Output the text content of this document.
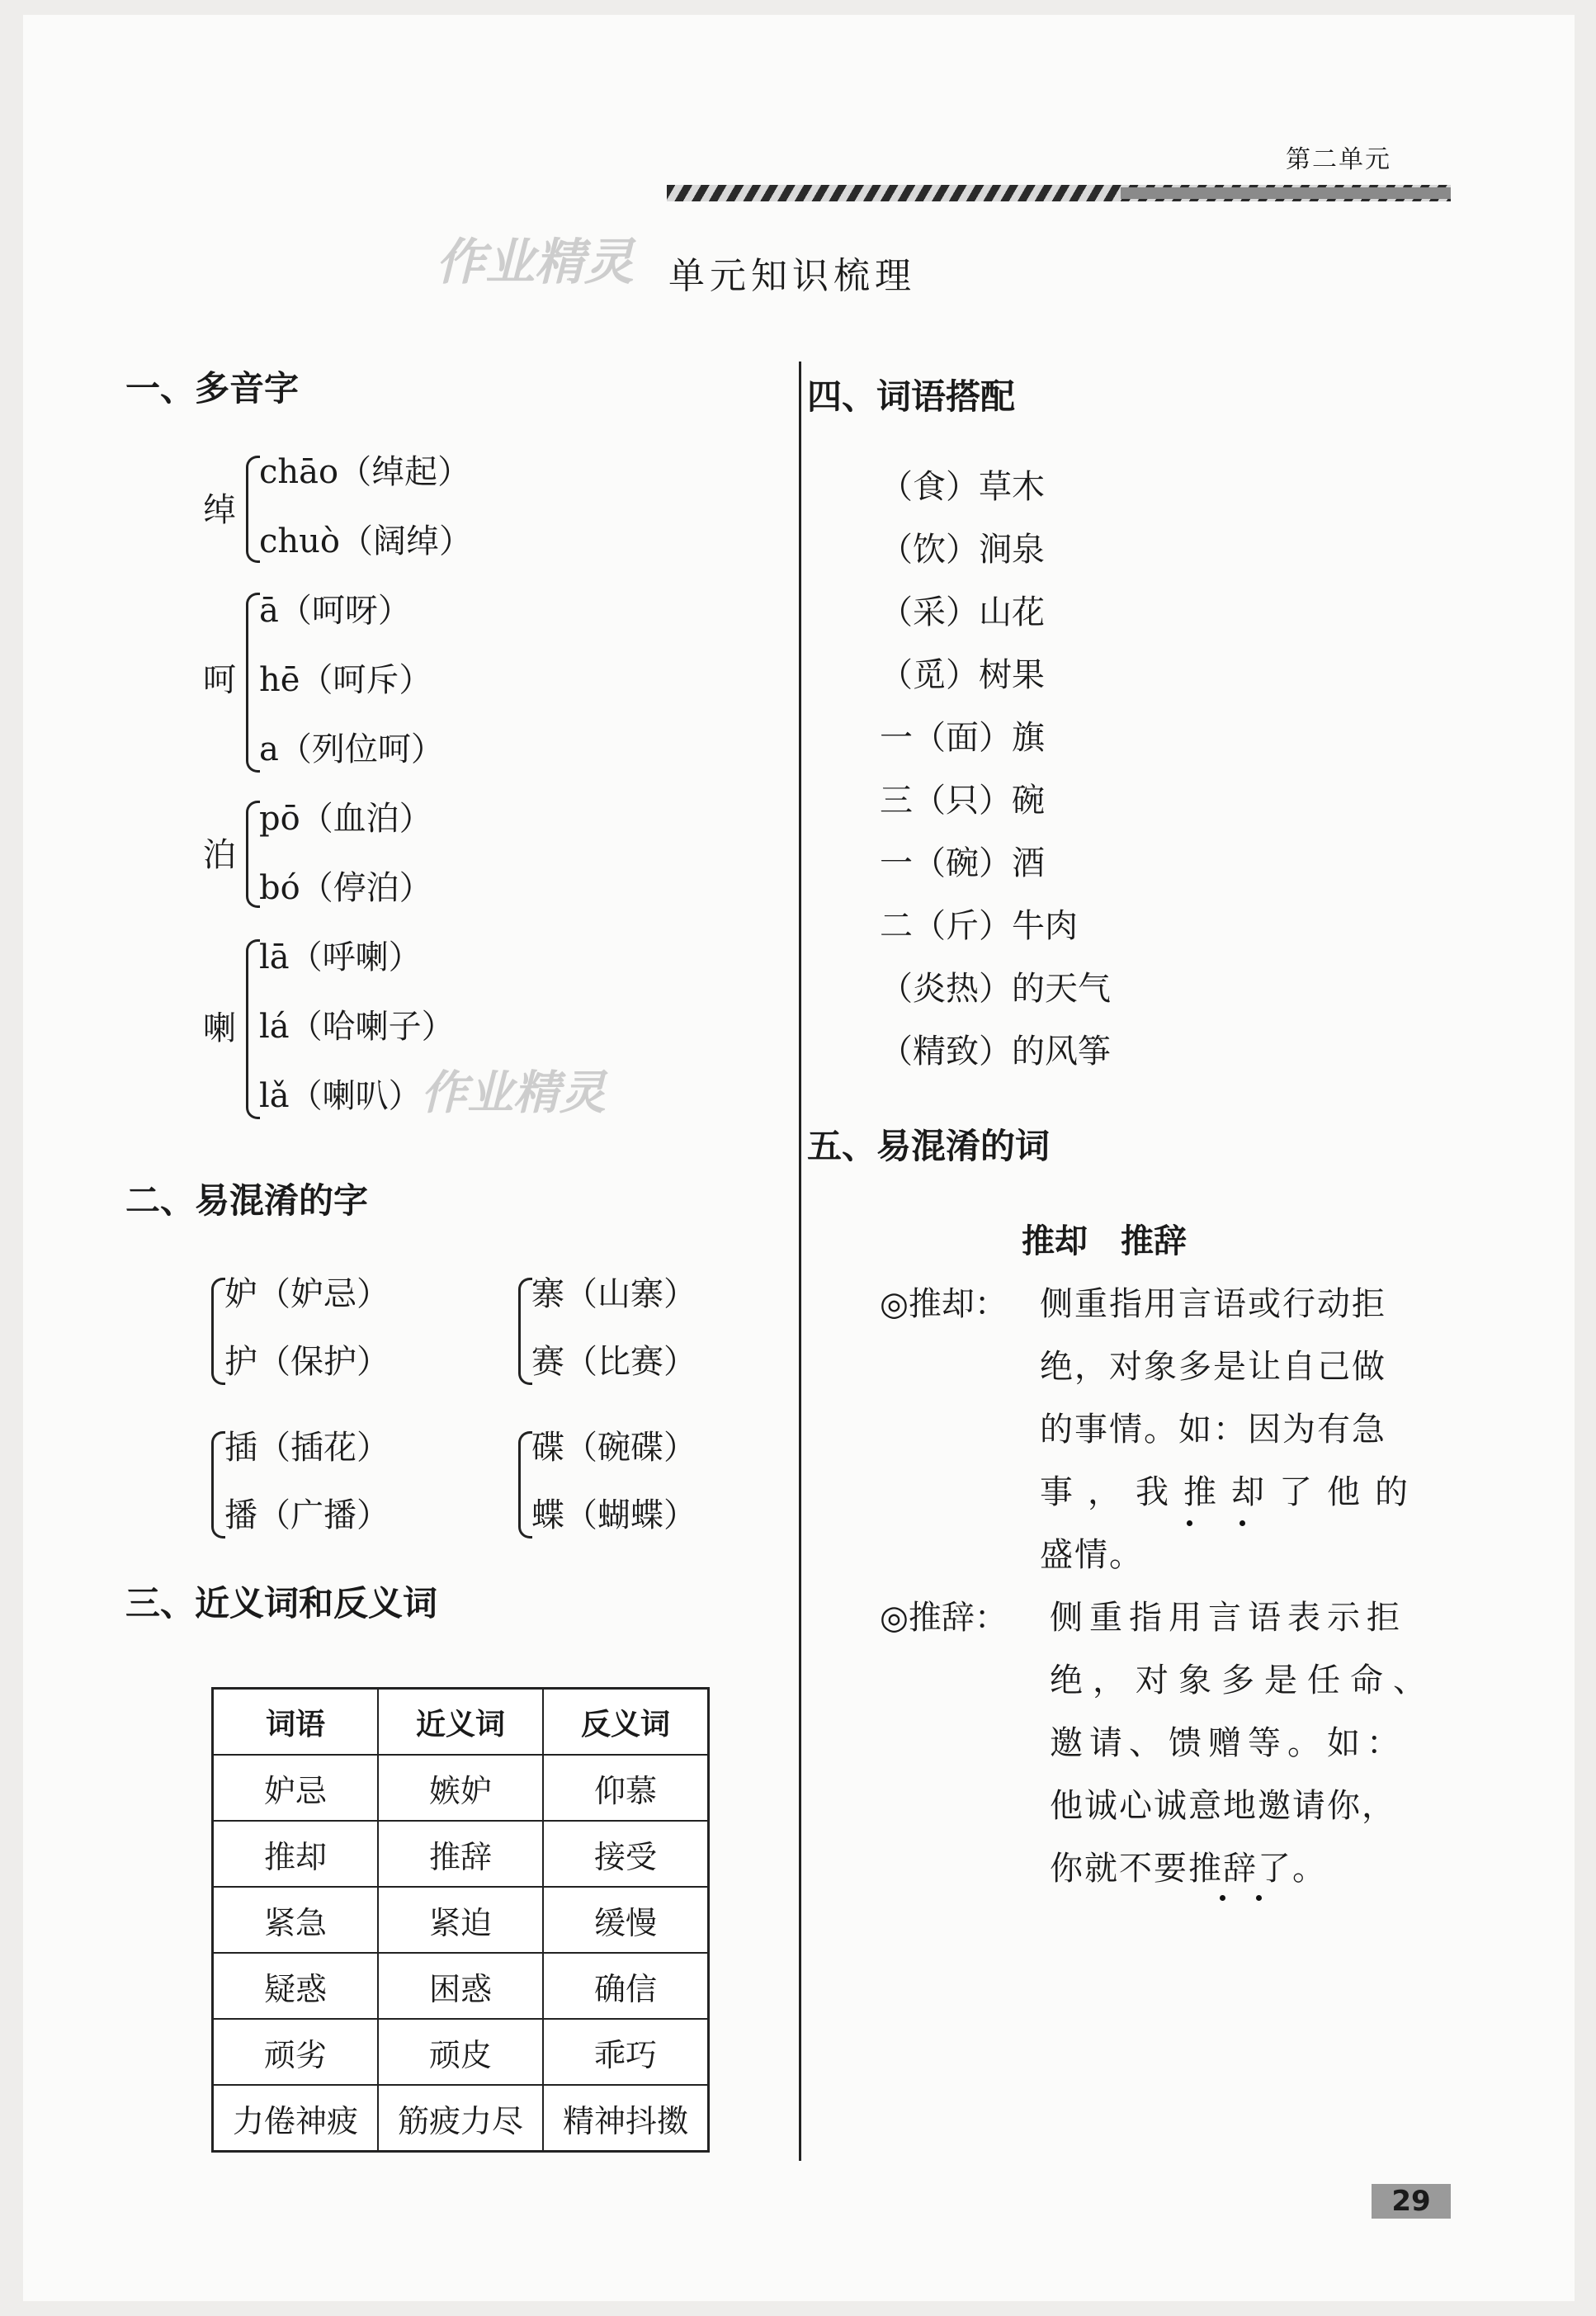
第二单元
作业精灵 单元知识梳理
一、多音字
绰
chāo（绰起）
chuò（阔绰）
呵
ā（呵呀）
hē（呵斥）
a（列位呵）
泊
pō（血泊）
bó（停泊）
喇
lā（呼喇）
lá（哈喇子）
lǎ（喇叭） 作业精灵
二、易混淆的字
妒（妒忌）
护（保护）
寨（山寨）
赛（比赛）
插（插花）
播（广播）
碟（碗碟）
蝶（蝴蝶）
三、近义词和反义词
词语	近义词	反义词
妒忌	嫉妒	仰慕
推却	推辞	接受
紧急	紧迫	缓慢
疑惑	困惑	确信
顽劣	顽皮	乖巧
力倦神疲	筋疲力尽	精神抖擞
四、词语搭配
（食）草木
（饮）涧泉
（采）山花
（觅）树果
一（面）旗
三（只）碗
一（碗）酒
二（斤）牛肉
（炎热）的天气
（精致）的风筝
五、易混淆的词
推却　推辞
◎推却： 侧重指用言语或行动拒
绝，对象多是让自己做
的事情。如：因为有急
事，我推却了他的
盛情。
◎推辞： 侧重指用言语表示拒
绝，对象多是任命、
邀请、馈赠等。如：
他诚心诚意地邀请你，
你就不要推辞了。
29
